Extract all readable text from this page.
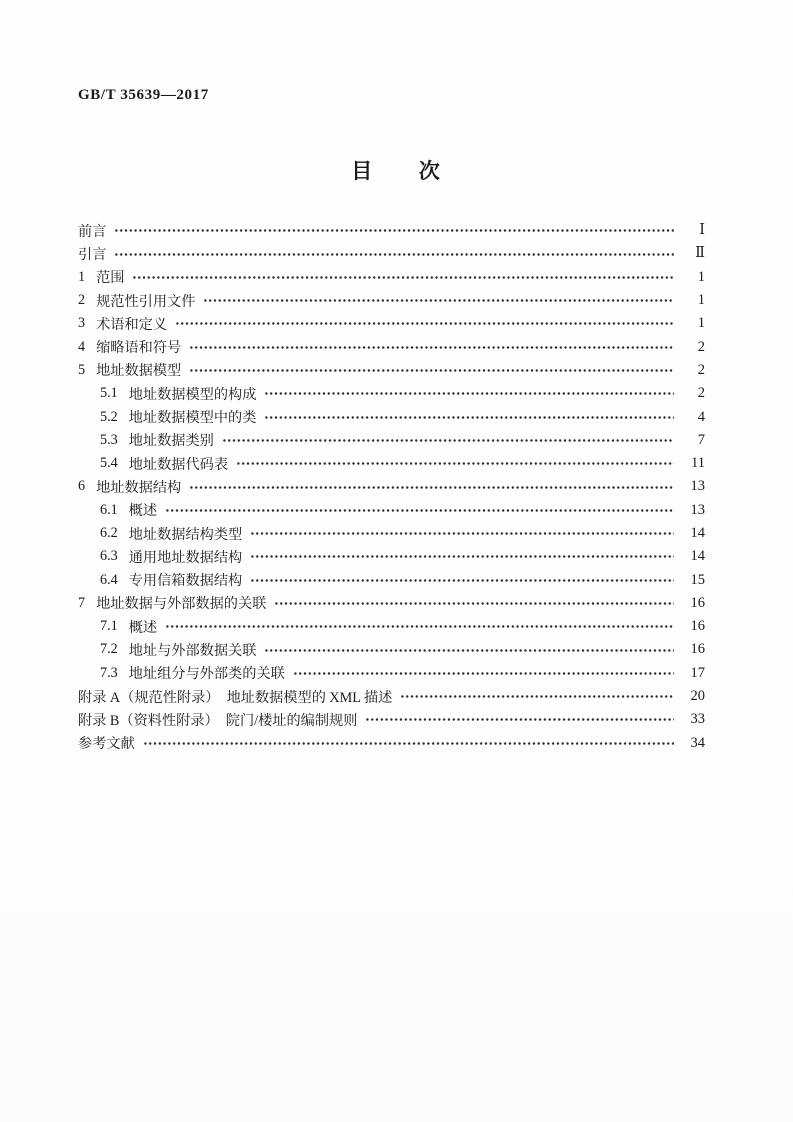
GB/T 35639—2017
目  次
前言	Ⅰ
引言	Ⅱ
1 范围	1
2 规范性引用文件	1
3 术语和定义	1
4 缩略语和符号	2
5 地址数据模型	2
5.1 地址数据模型的构成	2
5.2 地址数据模型中的类	4
5.3 地址数据类别	7
5.4 地址数据代码表	11
6 地址数据结构	13
6.1 概述	13
6.2 地址数据结构类型	14
6.3 通用地址数据结构	14
6.4 专用信箱数据结构	15
7 地址数据与外部数据的关联	16
7.1 概述	16
7.2 地址与外部数据关联	16
7.3 地址组分与外部类的关联	17
附录 A（规范性附录）  地址数据模型的 XML 描述	20
附录 B（资料性附录）  院门/楼址的编制规则	33
参考文献	34
